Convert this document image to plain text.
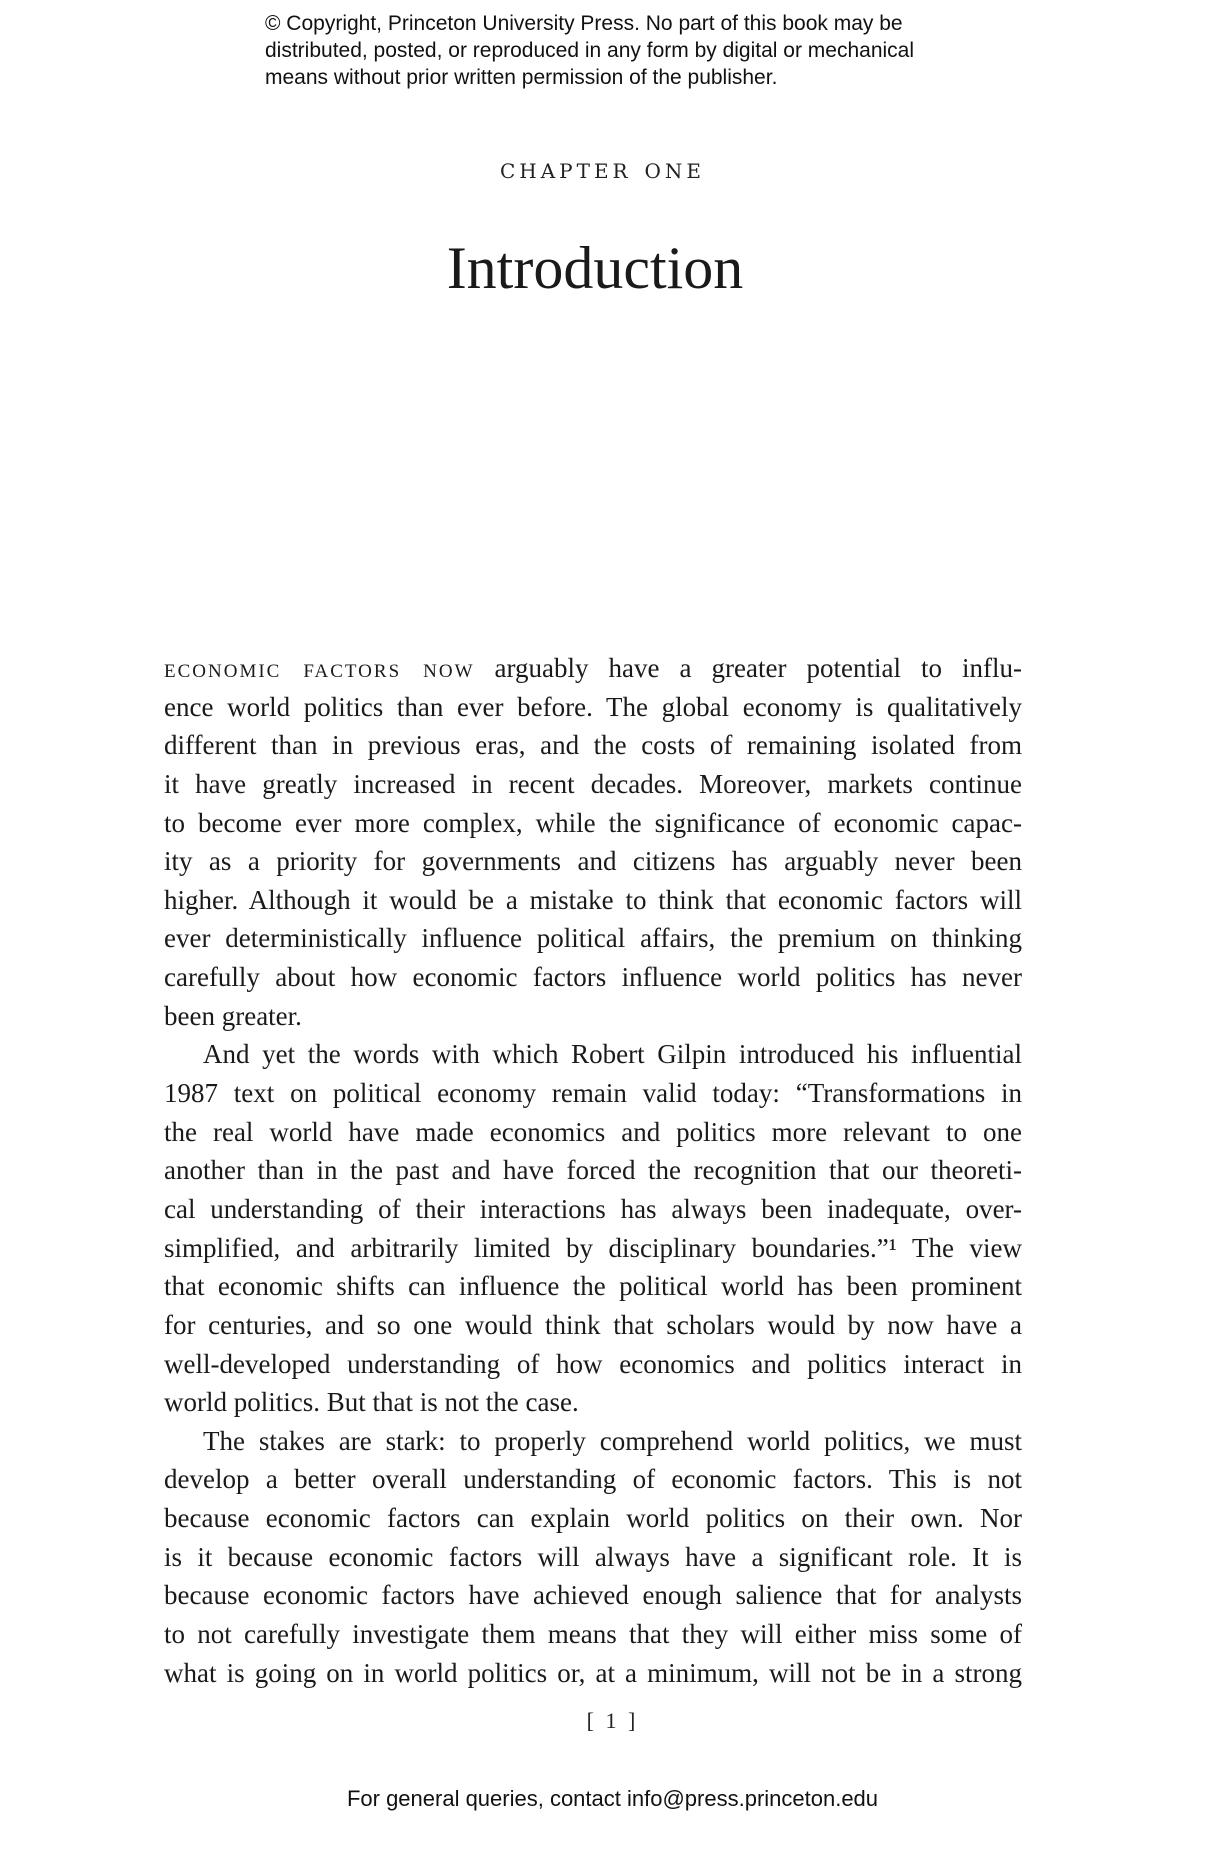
© Copyright, Princeton University Press. No part of this book may be
distributed, posted, or reproduced in any form by digital or mechanical
means without prior written permission of the publisher.
chapter one
Introduction
economic factors now arguably have a greater potential to influ-
ence world politics than ever before. The global economy is qualitatively
different than in previous eras, and the costs of remaining isolated from
it have greatly increased in recent decades. Moreover, markets continue
to become ever more complex, while the significance of economic capac-
ity as a priority for governments and citizens has arguably never been
higher. Although it would be a mistake to think that economic factors will
ever deterministically influence political affairs, the premium on thinking
carefully about how economic factors influence world politics has never
been greater.
And yet the words with which Robert Gilpin introduced his influential
1987 text on political economy remain valid today: “Transformations in
the real world have made economics and politics more relevant to one
another than in the past and have forced the recognition that our theoreti-
cal understanding of their interactions has always been inadequate, over-
simplified, and arbitrarily limited by disciplinary boundaries.”¹ The view
that economic shifts can influence the political world has been prominent
for centuries, and so one would think that scholars would by now have a
well-developed understanding of how economics and politics interact in
world politics. But that is not the case.
The stakes are stark: to properly comprehend world politics, we must
develop a better overall understanding of economic factors. This is not
because economic factors can explain world politics on their own. Nor
is it because economic factors will always have a significant role. It is
because economic factors have achieved enough salience that for analysts
to not carefully investigate them means that they will either miss some of
what is going on in world politics or, at a minimum, will not be in a strong
[ 1 ]
For general queries, contact info@press.princeton.edu
